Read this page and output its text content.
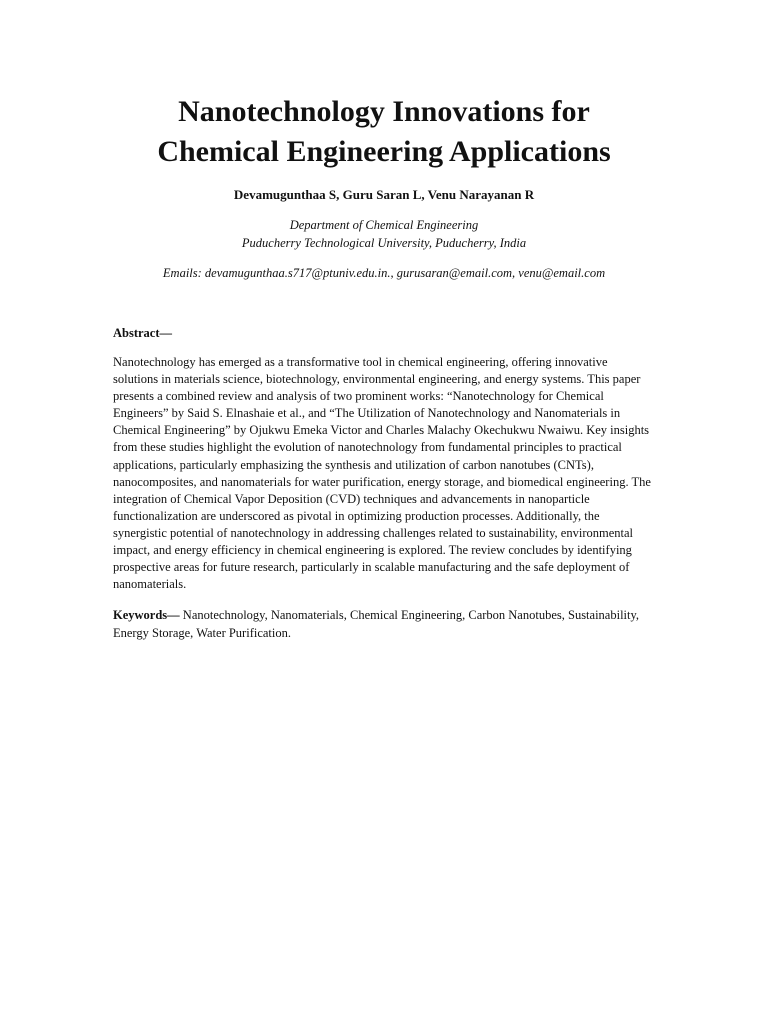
Nanotechnology Innovations for
Chemical Engineering Applications
Devamugunthaa S, Guru Saran L, Venu Narayanan R
Department of Chemical Engineering
Puducherry Technological University, Puducherry, India
Emails: devamugunthaa.s717@ptuniv.edu.in., gurusaran@email.com, venu@email.com
Abstract—
Nanotechnology has emerged as a transformative tool in chemical engineering, offering innovative
solutions in materials science, biotechnology, environmental engineering, and energy systems. This paper
presents a combined review and analysis of two prominent works: “Nanotechnology for Chemical
Engineers” by Said S. Elnashaie et al., and “The Utilization of Nanotechnology and Nanomaterials in
Chemical Engineering” by Ojukwu Emeka Victor and Charles Malachy Okechukwu Nwaiwu. Key insights
from these studies highlight the evolution of nanotechnology from fundamental principles to practical
applications, particularly emphasizing the synthesis and utilization of carbon nanotubes (CNTs),
nanocomposites, and nanomaterials for water purification, energy storage, and biomedical engineering. The
integration of Chemical Vapor Deposition (CVD) techniques and advancements in nanoparticle
functionalization are underscored as pivotal in optimizing production processes. Additionally, the
synergistic potential of nanotechnology in addressing challenges related to sustainability, environmental
impact, and energy efficiency in chemical engineering is explored. The review concludes by identifying
prospective areas for future research, particularly in scalable manufacturing and the safe deployment of
nanomaterials.
Keywords— Nanotechnology, Nanomaterials, Chemical Engineering, Carbon Nanotubes, Sustainability,
Energy Storage, Water Purification.
